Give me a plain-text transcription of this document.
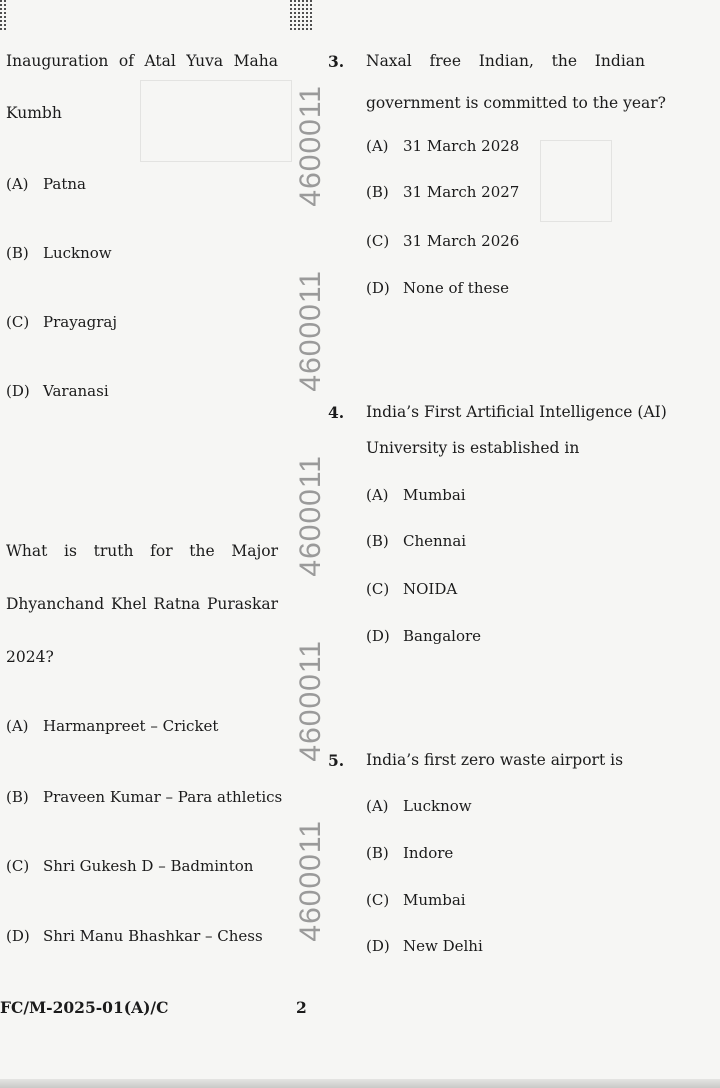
4600011
4600011
4600011
4600011
4600011
Inauguration of Atal Yuva Maha
Kumbh
(A) Patna
(B) Lucknow
(C) Prayagraj
(D) Varanasi
What is truth for the Major
Dhyanchand Khel Ratna Puraskar
2024?
(A) Harmanpreet – Cricket
(B) Praveen Kumar – Para athletics
(C) Shri Gukesh D – Badminton
(D) Shri Manu Bhashkar – Chess
3. Naxal free Indian, the Indian
government is committed to the year?
(A) 31 March 2028
(B) 31 March 2027
(C) 31 March 2026
(D) None of these
4. India’s First Artificial Intelligence (AI)
University is established in
(A) Mumbai
(B) Chennai
(C) NOIDA
(D) Bangalore
5. India’s first zero waste airport is
(A) Lucknow
(B) Indore
(C) Mumbai
(D) New Delhi
FC/M-2025-01(A)/C	2
